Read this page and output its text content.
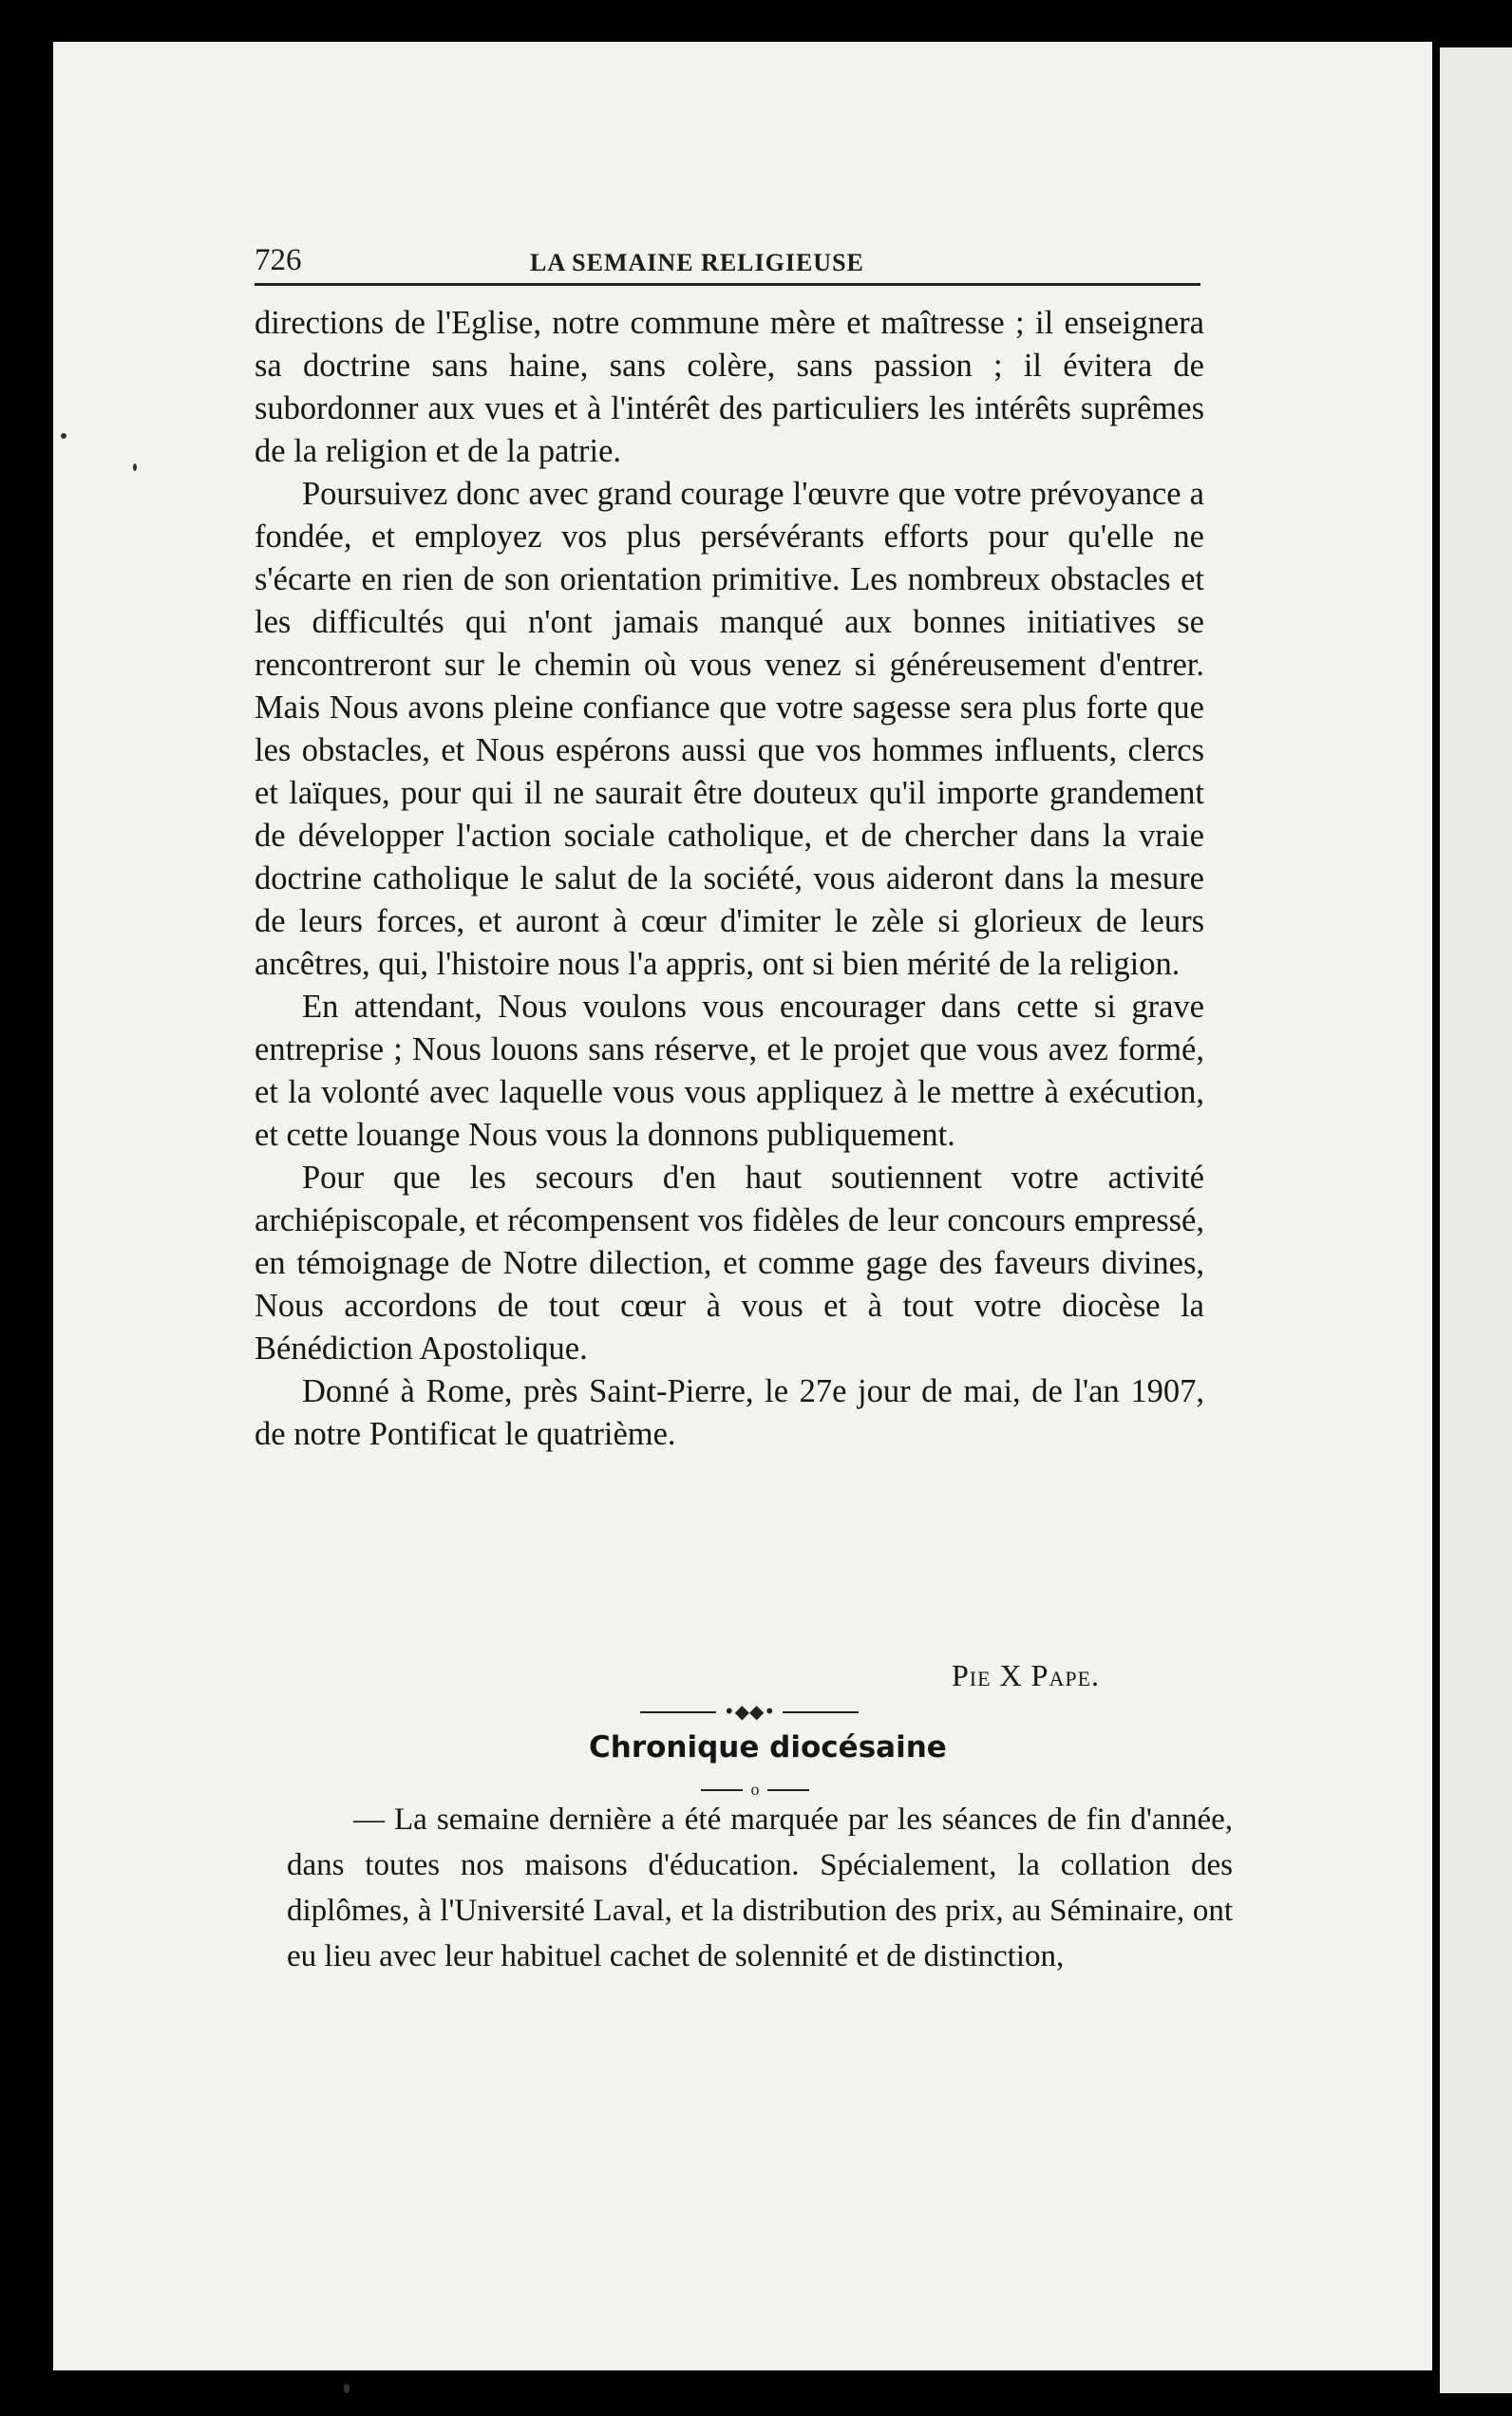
726	LA SEMAINE RELIGIEUSE

directions de l'Eglise, notre commune mère et maîtresse ; il enseignera sa doctrine sans haine, sans colère, sans passion ; il évitera de subordonner aux vues et à l'intérêt des particuliers les intérêts suprêmes de la religion et de la patrie.

Poursuivez donc avec grand courage l'œuvre que votre prévoyance a fondée, et employez vos plus persévérants efforts pour qu'elle ne s'écarte en rien de son orientation primitive. Les nombreux obstacles et les difficultés qui n'ont jamais manqué aux bonnes initiatives se rencontreront sur le chemin où vous venez si généreusement d'entrer. Mais Nous avons pleine confiance que votre sagesse sera plus forte que les obstacles, et Nous espérons aussi que vos hommes influents, clercs et laïques, pour qui il ne saurait être douteux qu'il importe grandement de développer l'action sociale catholique, et de chercher dans la vraie doctrine catholique le salut de la société, vous aideront dans la mesure de leurs forces, et auront à cœur d'imiter le zèle si glorieux de leurs ancêtres, qui, l'histoire nous l'a appris, ont si bien mérité de la religion.

En attendant, Nous voulons vous encourager dans cette si grave entreprise ; Nous louons sans réserve, et le projet que vous avez formé, et la volonté avec laquelle vous vous appliquez à le mettre à exécution, et cette louange Nous vous la donnons publiquement.

Pour que les secours d'en haut soutiennent votre activité archiépiscopale, et récompensent vos fidèles de leur concours empressé, en témoignage de Notre dilection, et comme gage des faveurs divines, Nous accordons de tout cœur à vous et à tout votre diocèse la Bénédiction Apostolique.

Donné à Rome, près Saint-Pierre, le 27e jour de mai, de l'an 1907, de notre Pontificat le quatrième.

Pie X Pape.
•◆◆•
Chronique diocésaine
o

— La semaine dernière a été marquée par les séances de fin d'année, dans toutes nos maisons d'éducation. Spécialement, la collation des diplômes, à l'Université Laval, et la distribution des prix, au Séminaire, ont eu lieu avec leur habituel cachet de solennité et de distinction,
